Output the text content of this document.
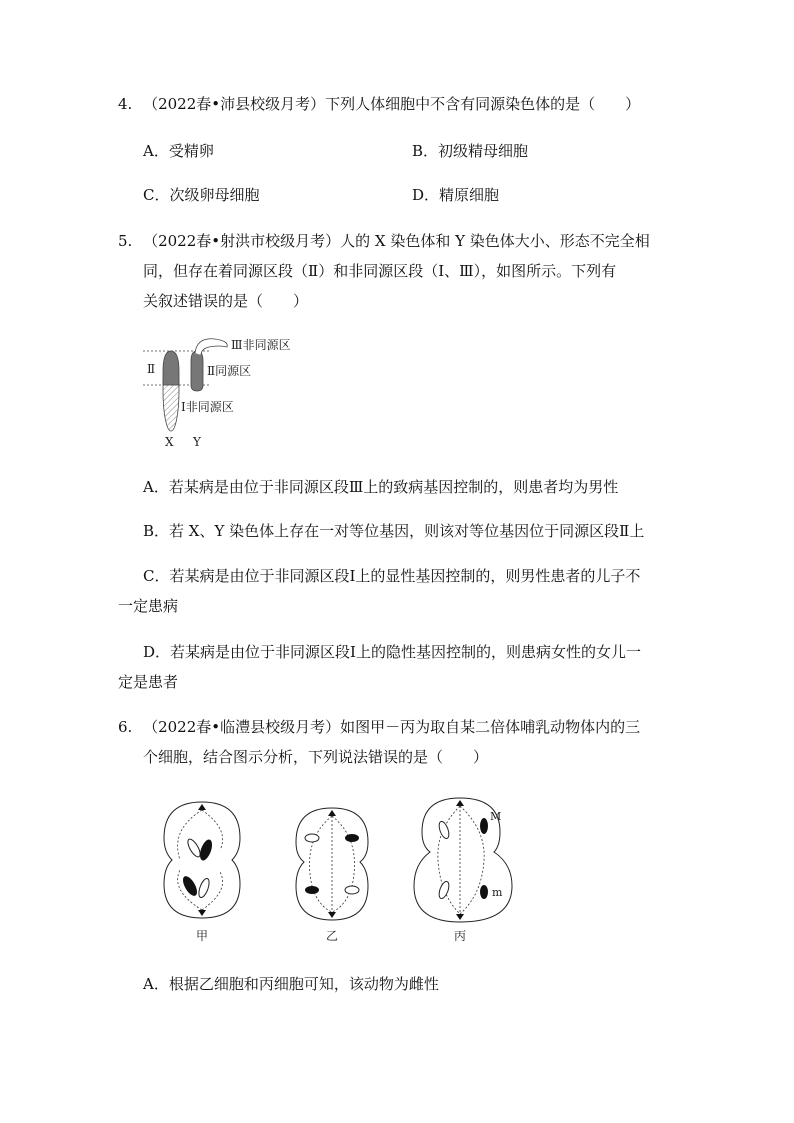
4. （2022春•沛县校级月考）下列人体细胞中不含有同源染色体的是（　　）
A．受精卵	B．初级精母细胞
C．次级卵母细胞	D．精原细胞
5. （2022春•射洪市校级月考）人的 X 染色体和 Y 染色体大小、形态不完全相
同，但存在着同源区段（Ⅱ）和非同源区段（Ⅰ、Ⅲ），如图所示。下列有
关叙述错误的是（　　）
Ⅱ
Ⅲ非同源区
Ⅱ同源区
Ⅰ非同源区
X Y
A．若某病是由位于非同源区段Ⅲ上的致病基因控制的，则患者均为男性
B．若 X、Y 染色体上存在一对等位基因，则该对等位基因位于同源区段Ⅱ上
C．若某病是由位于非同源区段Ⅰ上的显性基因控制的，则男性患者的儿子不
一定患病
D．若某病是由位于非同源区段Ⅰ上的隐性基因控制的，则患病女性的女儿一
定是患者
6. （2022春•临澧县校级月考）如图甲－丙为取自某二倍体哺乳动物体内的三
个细胞，结合图示分析，下列说法错误的是（　　）
甲	乙
M
m
丙
A．根据乙细胞和丙细胞可知，该动物为雌性
